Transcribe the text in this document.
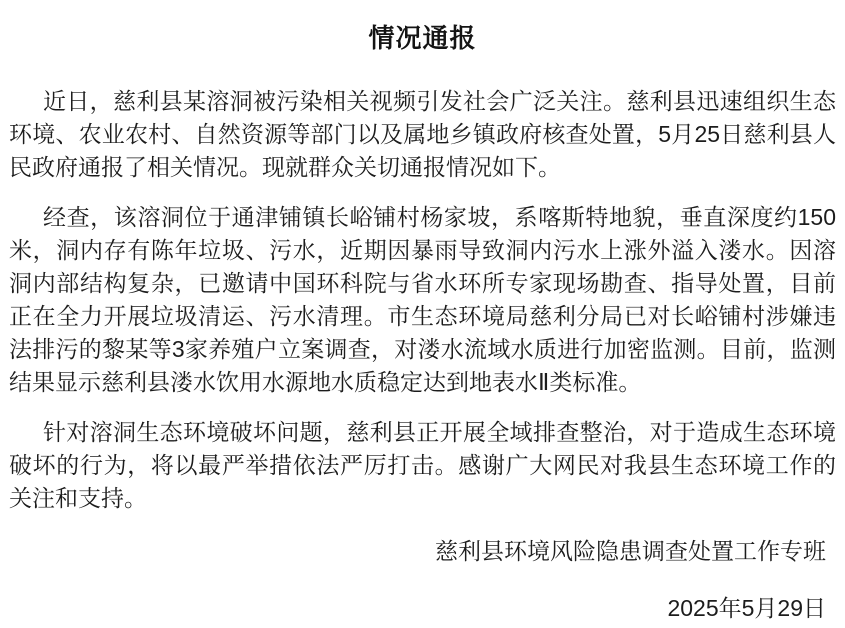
情况通报

近日，慈利县某溶洞被污染相关视频引发社会广泛关注。慈利县迅速组织生态环境、农业农村、自然资源等部门以及属地乡镇政府核查处置，5月25日慈利县人民政府通报了相关情况。现就群众关切通报情况如下。

经查，该溶洞位于通津铺镇长峪铺村杨家坡，系喀斯特地貌，垂直深度约150米，洞内存有陈年垃圾、污水，近期因暴雨导致洞内污水上涨外溢入溇水。因溶洞内部结构复杂，已邀请中国环科院与省水环所专家现场勘查、指导处置，目前正在全力开展垃圾清运、污水清理。市生态环境局慈利分局已对长峪铺村涉嫌违法排污的黎某等3家养殖户立案调查，对溇水流域水质进行加密监测。目前，监测结果显示慈利县溇水饮用水源地水质稳定达到地表水Ⅱ类标准。

针对溶洞生态环境破坏问题，慈利县正开展全域排查整治，对于造成生态环境破坏的行为，将以最严举措依法严厉打击。感谢广大网民对我县生态环境工作的关注和支持。

慈利县环境风险隐患调查处置工作专班
2025年5月29日
